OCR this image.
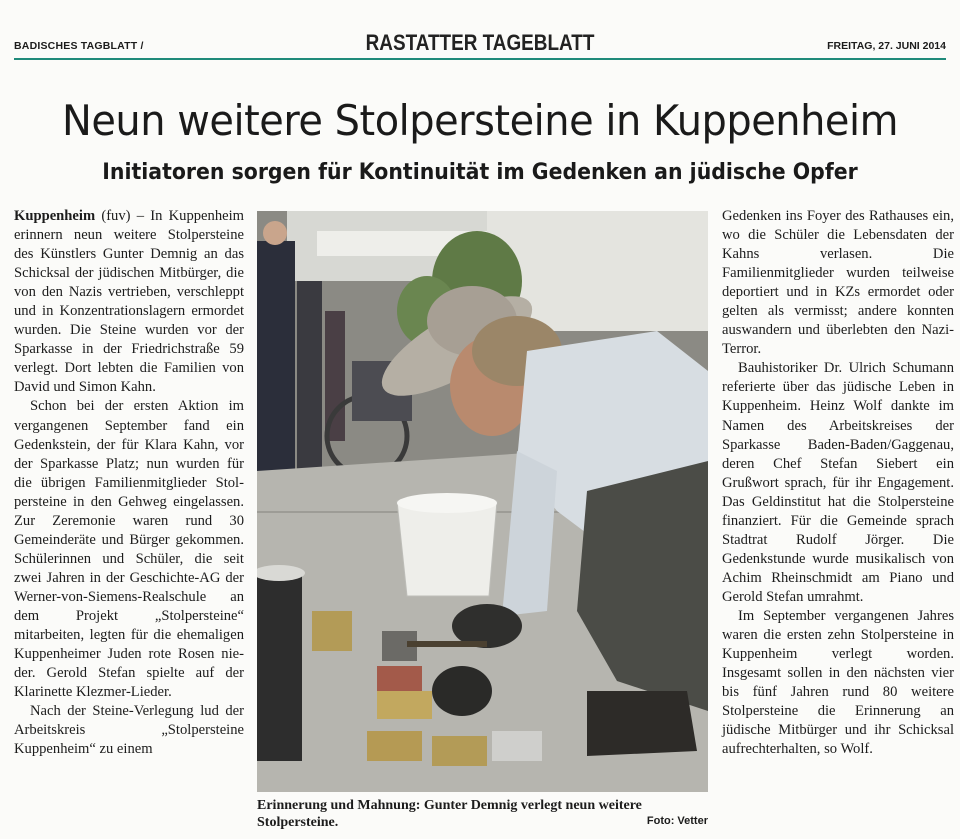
BADISCHES TAGBLATT /	RASTATTER TAGEBLATT	FREITAG, 27. JUNI 2014
Neun weitere Stolpersteine in Kuppenheim
Initiatoren sorgen für Kontinuität im Gedenken an jüdische Opfer

Kuppenheim (fuv) – In Kuppenheim erinnern neun weitere Stolpersteine des Künstlers Gunter Demnig an das Schicksal der jüdischen Mitbürger, die von den Nazis vertrieben, verschleppt und in Konzentrationslagern ermordet wurden. Die Steine wurden vor der Sparkasse in der Friedrichstraße 59 verlegt. Dort lebten die Familien von David und Simon Kahn.

Schon bei der ersten Aktion im vergangenen September fand ein Gedenkstein, der für Klara Kahn, vor der Sparkasse Platz; nun wurden für die übrigen Familienmitglieder Stolpersteine in den Gehweg eingelassen. Zur Zeremonie waren rund 30 Gemeinderäte und Bürger gekommen. Schülerinnen und Schüler, die seit zwei Jahren in der Geschichte-AG der Werner-von-Siemens-Realschule an dem Projekt „Stolpersteine“ mitarbeiten, legten für die ehemaligen Kuppenheimer Juden rote Rosen nieder. Gerold Stefan spielte auf der Klarinette Klezmer-Lieder.

Nach der Steine-Verlegung lud der Arbeitskreis „Stolpersteine Kuppenheim“ zu einem

Erinnerung und Mahnung: Gunter Demnig verlegt neun weitere Stolpersteine.	Foto: Vetter

Gedenken ins Foyer des Rathauses ein, wo die Schüler die Lebensdaten der Kahns verlasen. Die Familienmitglieder wurden teilweise deportiert und in KZs ermordet oder gelten als vermisst; andere konnten auswandern und überlebten den Nazi-Terror.

Bauhistoriker Dr. Ulrich Schumann referierte über das jüdische Leben in Kuppenheim. Heinz Wolf dankte im Namen des Arbeitskreises der Sparkasse Baden-Baden/Gaggenau, deren Chef Stefan Siebert ein Grußwort sprach, für ihr Engagement. Das Geldinstitut hat die Stolpersteine finanziert. Für die Gemeinde sprach Stadtrat Rudolf Jörger. Die Gedenkstunde wurde musikalisch von Achim Rheinschmidt am Piano und Gerold Stefan umrahmt.

Im September vergangenen Jahres waren die ersten zehn Stolpersteine in Kuppenheim verlegt worden. Insgesamt sollen in den nächsten vier bis fünf Jahren rund 80 weitere Stolpersteine die Erinnerung an jüdische Mitbürger und ihr Schicksal aufrechterhalten, so Wolf.
